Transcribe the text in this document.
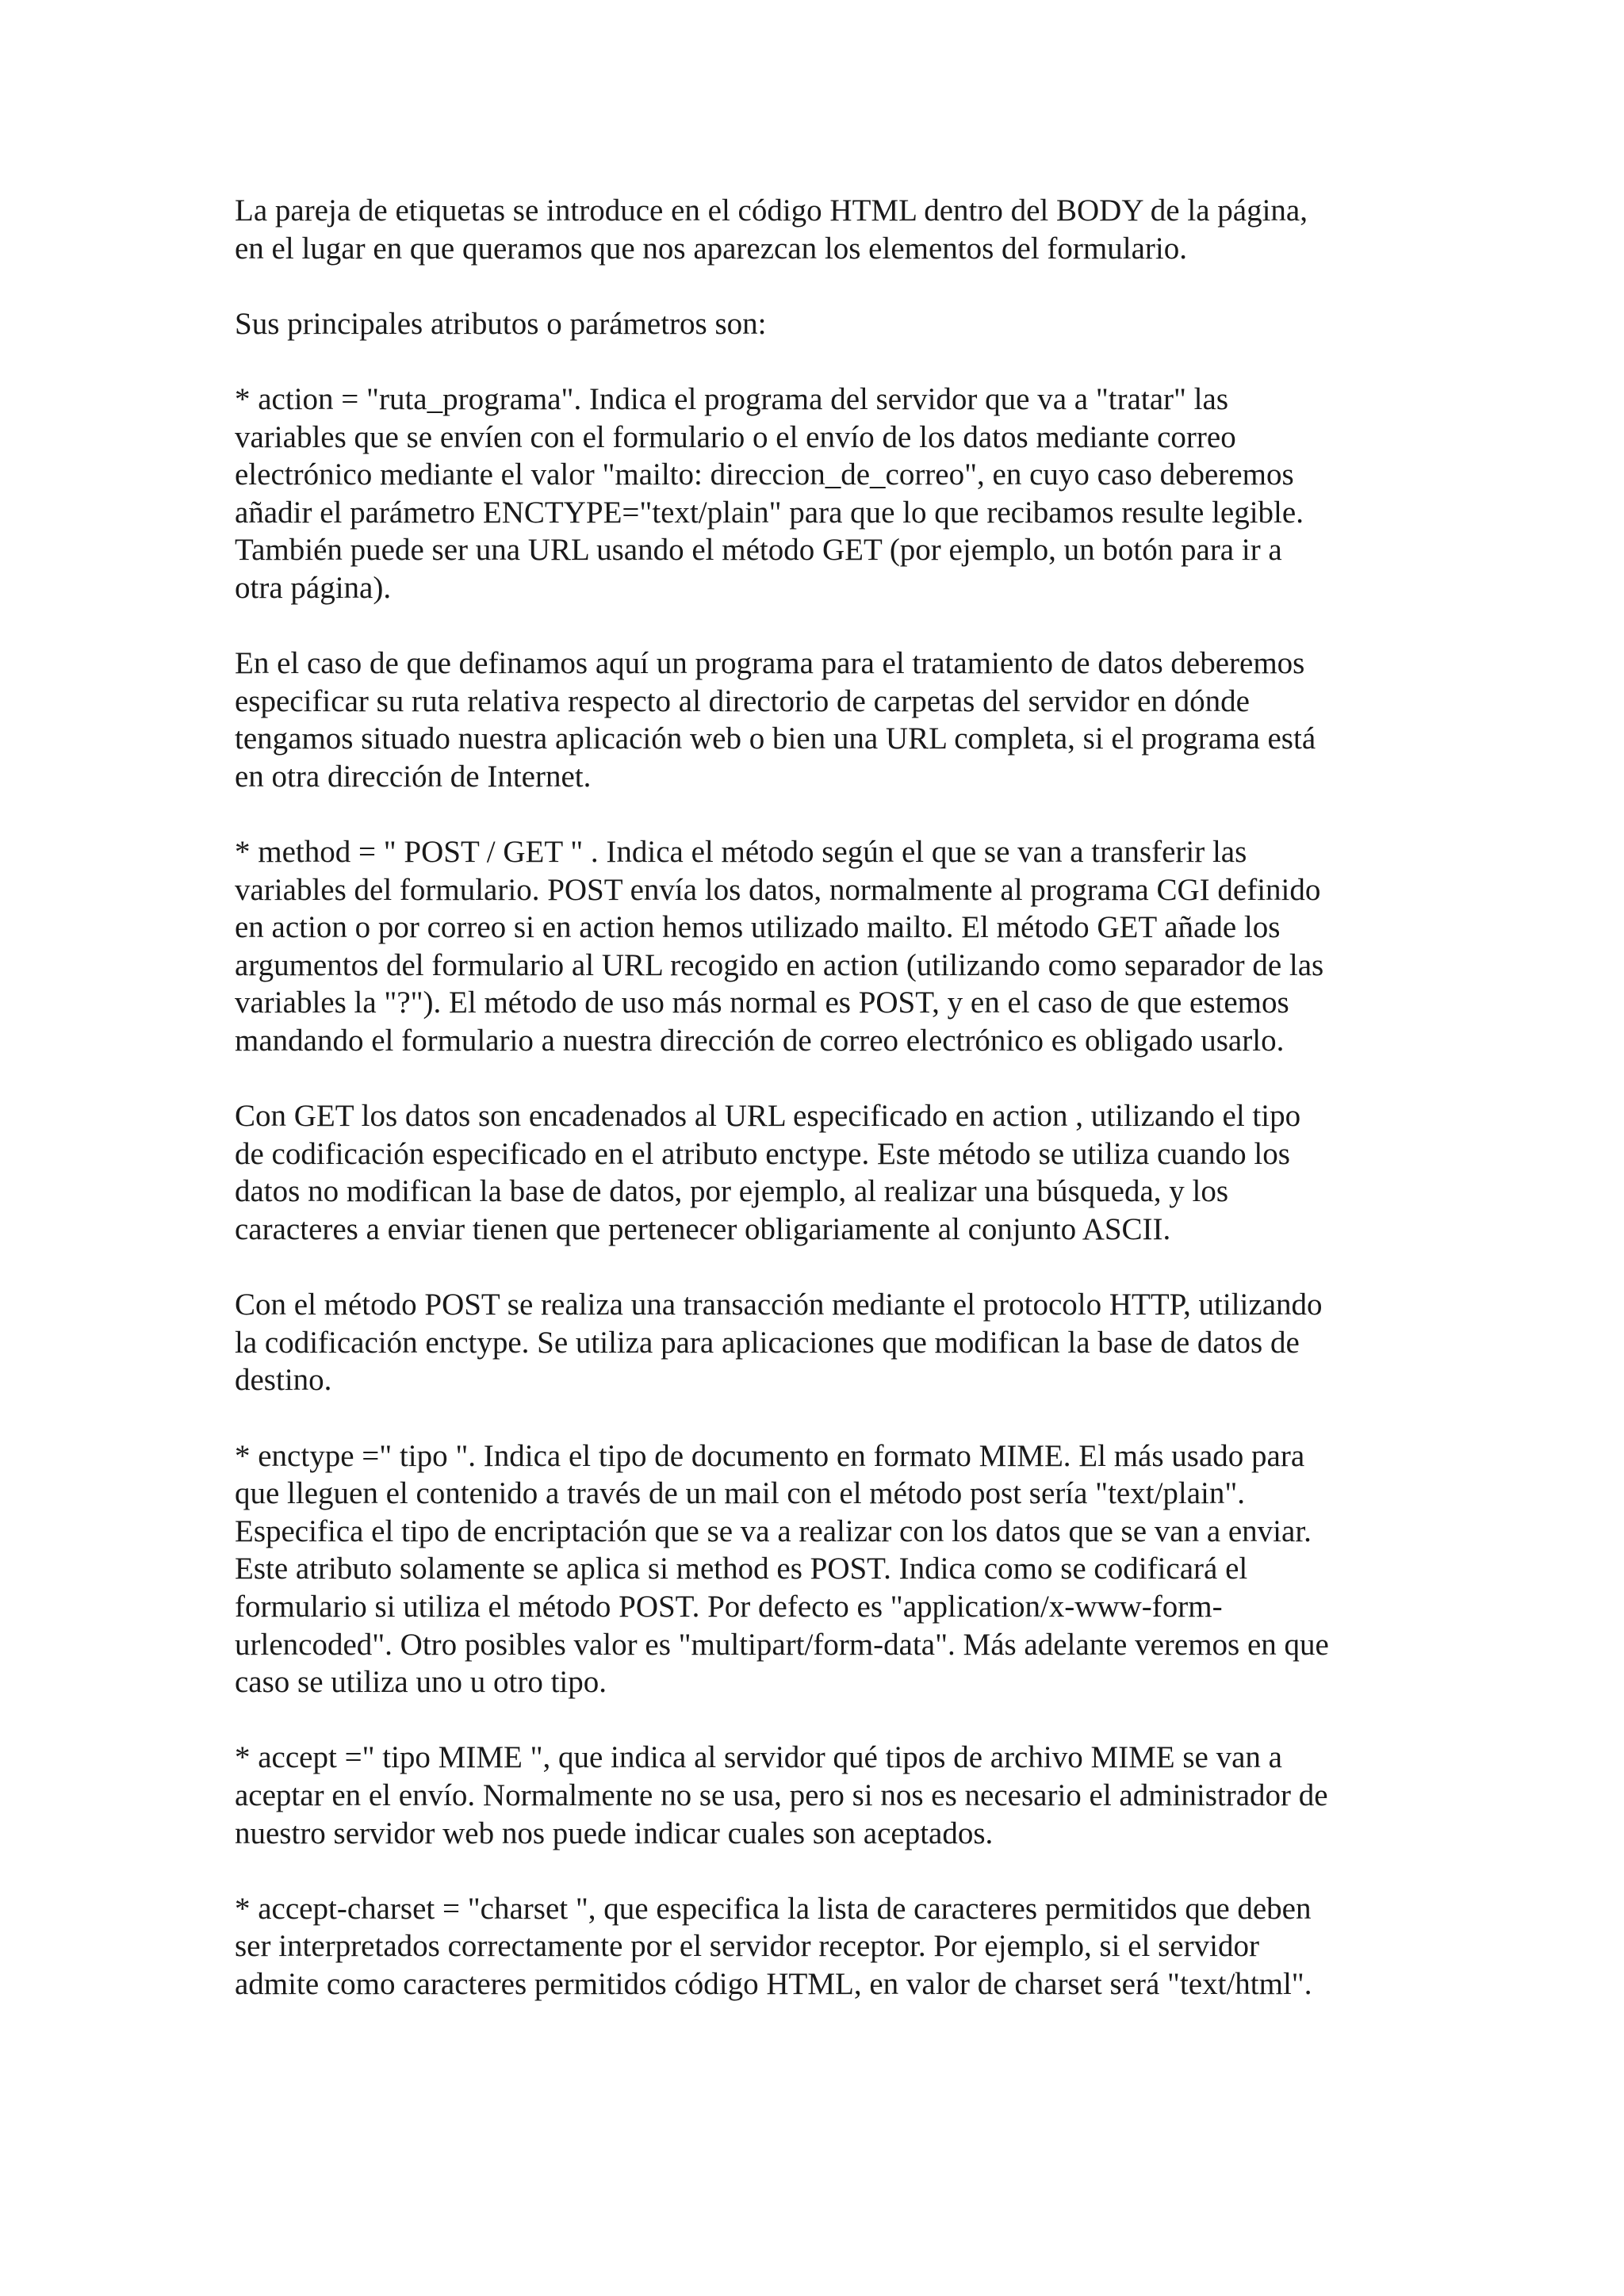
La pareja de etiquetas se introduce en el código HTML dentro del BODY de la página,
en el lugar en que queramos que nos aparezcan los elementos del formulario.

Sus principales atributos o parámetros son:

* action = "ruta_programa". Indica el programa del servidor que va a "tratar" las
variables que se envíen con el formulario o el envío de los datos mediante correo
electrónico mediante el valor "mailto: direccion_de_correo", en cuyo caso deberemos
añadir el parámetro ENCTYPE="text/plain" para que lo que recibamos resulte legible.
También puede ser una URL usando el método GET (por ejemplo, un botón para ir a
otra página).

En el caso de que definamos aquí un programa para el tratamiento de datos deberemos
especificar su ruta relativa respecto al directorio de carpetas del servidor en dónde
tengamos situado nuestra aplicación web o bien una URL completa, si el programa está
en otra dirección de Internet.

* method = " POST / GET " . Indica el método según el que se van a transferir las
variables del formulario. POST envía los datos, normalmente al programa CGI definido
en action o por correo si en action hemos utilizado mailto. El método GET añade los
argumentos del formulario al URL recogido en action (utilizando como separador de las
variables la "?"). El método de uso más normal es POST, y en el caso de que estemos
mandando el formulario a nuestra dirección de correo electrónico es obligado usarlo.

Con GET los datos son encadenados al URL especificado en action , utilizando el tipo
de codificación especificado en el atributo enctype. Este método se utiliza cuando los
datos no modifican la base de datos, por ejemplo, al realizar una búsqueda, y los
caracteres a enviar tienen que pertenecer obligariamente al conjunto ASCII.

Con el método POST se realiza una transacción mediante el protocolo HTTP, utilizando
la codificación enctype. Se utiliza para aplicaciones que modifican la base de datos de
destino.

* enctype =" tipo ". Indica el tipo de documento en formato MIME. El más usado para
que lleguen el contenido a través de un mail con el método post sería "text/plain".
Especifica el tipo de encriptación que se va a realizar con los datos que se van a enviar.
Este atributo solamente se aplica si method es POST. Indica como se codificará el
formulario si utiliza el método POST. Por defecto es "application/x-www-form-
urlencoded". Otro posibles valor es "multipart/form-data". Más adelante veremos en que
caso se utiliza uno u otro tipo.

* accept =" tipo MIME ", que indica al servidor qué tipos de archivo MIME se van a
aceptar en el envío. Normalmente no se usa, pero si nos es necesario el administrador de
nuestro servidor web nos puede indicar cuales son aceptados.

* accept-charset = "charset ", que especifica la lista de caracteres permitidos que deben
ser interpretados correctamente por el servidor receptor. Por ejemplo, si el servidor
admite como caracteres permitidos código HTML, en valor de charset será "text/html".
